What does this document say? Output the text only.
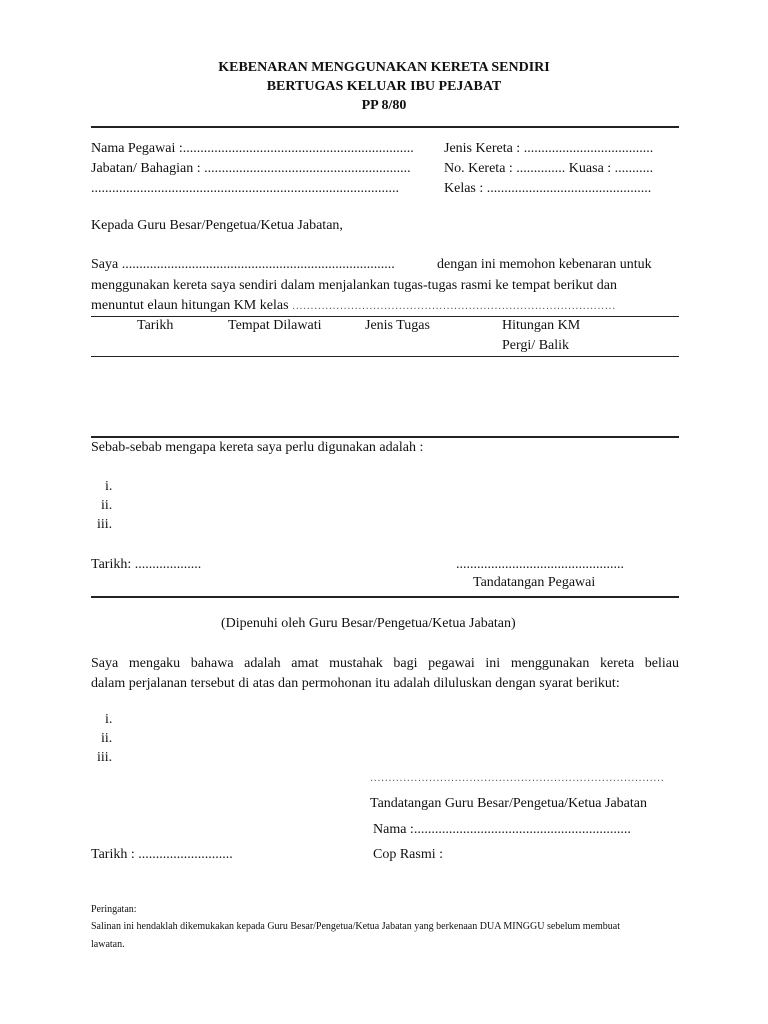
KEBENARAN MENGGUNAKAN KERETA SENDIRI
BERTUGAS KELUAR IBU PEJABAT
PP 8/80
Nama Pegawai :.................................................................. Jenis Kereta : .....................................
Jabatan/ Bahagian : ........................................................... No. Kereta : .............. Kuasa : ...........
........................................................................................	Kelas : ...............................................
Kepada Guru Besar/Pengetua/Ketua Jabatan,
Saya ..............................................................................	dengan ini memohon kebenaran untuk
menggunakan kereta saya sendiri dalam menjalankan tugas-tugas rasmi ke tempat berikut dan
menuntut elaun hitungan KM kelas ........................................................................................
Tarikh	Tempat Dilawati	Jenis Tugas	Hitungan KM
Pergi/ Balik
Sebab-sebab mengapa kereta saya perlu digunakan adalah :
i.
ii.
iii.
Tarikh: ...................	................................................
Tandatangan Pegawai
(Dipenuhi oleh Guru Besar/Pengetua/Ketua Jabatan)
Saya mengaku bahawa adalah amat mustahak bagi pegawai ini menggunakan kereta beliau
dalam perjalanan tersebut di atas dan permohonan itu adalah diluluskan dengan syarat berikut:
i.
ii.
iii.
................................................................................
Tandatangan Guru Besar/Pengetua/Ketua Jabatan
Nama :..............................................................
Tarikh : ...........................	Cop Rasmi :
Peringatan:
Salinan ini hendaklah dikemukakan kepada Guru Besar/Pengetua/Ketua Jabatan yang berkenaan DUA MINGGU sebelum membuat
lawatan.
